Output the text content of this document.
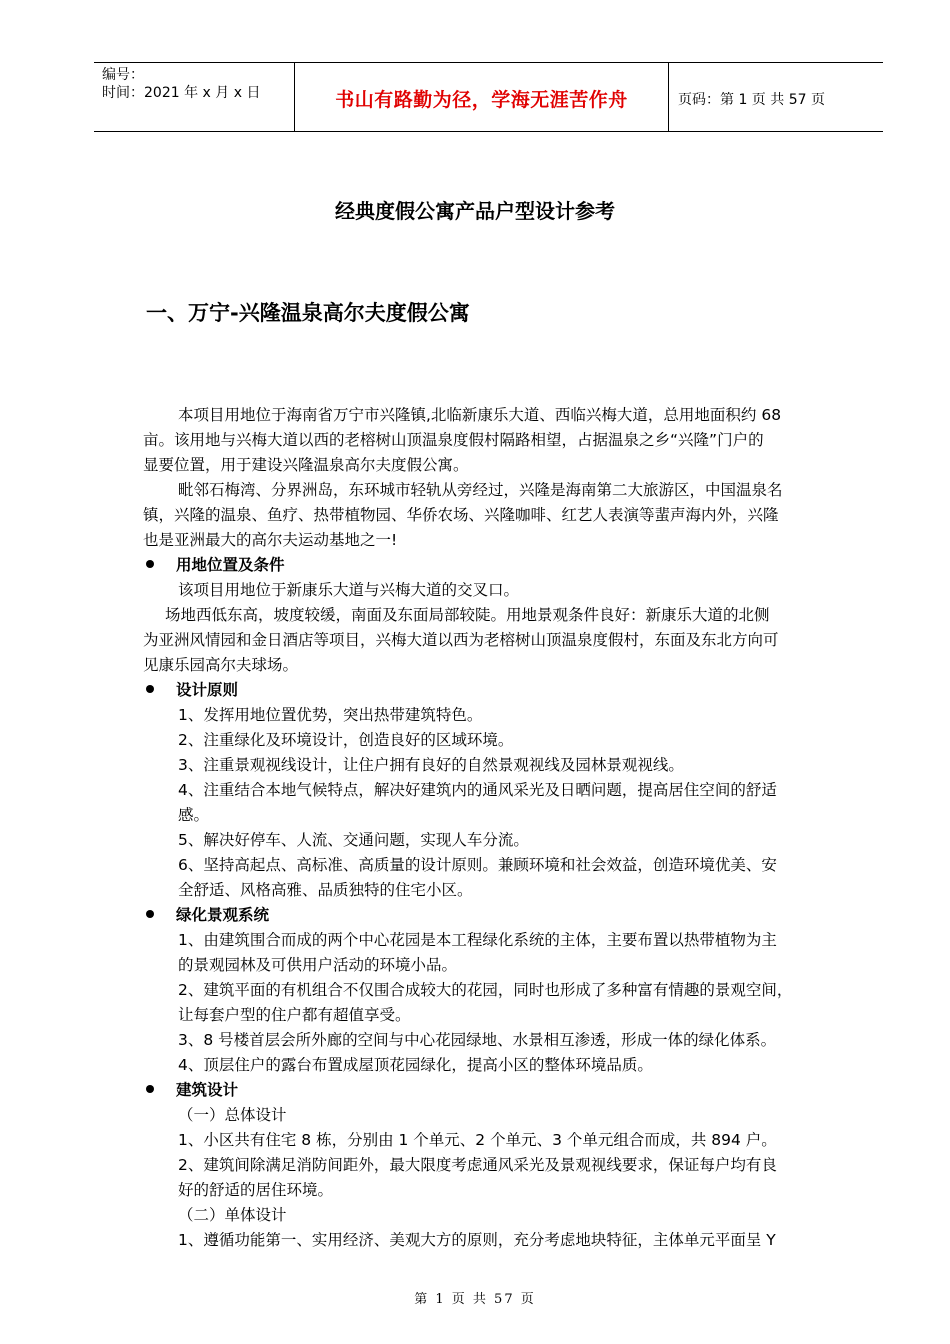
编号：
时间：2021 年 x 月 x 日	书山有路勤为径，学海无涯苦作舟	页码：第 1 页 共 57 页
经典度假公寓产品户型设计参考
一、万宁-兴隆温泉高尔夫度假公寓
本项目用地位于海南省万宁市兴隆镇,北临新康乐大道、西临兴梅大道，总用地面积约 68
亩。该用地与兴梅大道以西的老榕树山顶温泉度假村隔路相望，占据温泉之乡“兴隆”门户的
显要位置，用于建设兴隆温泉高尔夫度假公寓。
毗邻石梅湾、分界洲岛，东环城市轻轨从旁经过，兴隆是海南第二大旅游区，中国温泉名
镇，兴隆的温泉、鱼疗、热带植物园、华侨农场、兴隆咖啡、红艺人表演等蜚声海内外，兴隆
也是亚洲最大的高尔夫运动基地之一!
用地位置及条件
该项目用地位于新康乐大道与兴梅大道的交叉口。
场地西低东高，坡度较缓，南面及东面局部较陡。用地景观条件良好：新康乐大道的北侧
为亚洲风情园和金日酒店等项目，兴梅大道以西为老榕树山顶温泉度假村，东面及东北方向可
见康乐园高尔夫球场。
设计原则
1、发挥用地位置优势，突出热带建筑特色。
2、注重绿化及环境设计，创造良好的区域环境。
3、注重景观视线设计，让住户拥有良好的自然景观视线及园林景观视线。
4、注重结合本地气候特点，解决好建筑内的通风采光及日晒问题，提高居住空间的舒适
感。
5、解决好停车、人流、交通问题，实现人车分流。
6、坚持高起点、高标准、高质量的设计原则。兼顾环境和社会效益，创造环境优美、安
全舒适、风格高雅、品质独特的住宅小区。
绿化景观系统
1、由建筑围合而成的两个中心花园是本工程绿化系统的主体，主要布置以热带植物为主
的景观园林及可供用户活动的环境小品。
2、建筑平面的有机组合不仅围合成较大的花园，同时也形成了多种富有情趣的景观空间，
让每套户型的住户都有超值享受。
3、8 号楼首层会所外廊的空间与中心花园绿地、水景相互渗透，形成一体的绿化体系。
4、顶层住户的露台布置成屋顶花园绿化，提高小区的整体环境品质。
建筑设计
（一）总体设计
1、小区共有住宅 8 栋，分别由 1 个单元、2 个单元、3 个单元组合而成，共 894 户。
2、建筑间除满足消防间距外，最大限度考虑通风采光及景观视线要求，保证每户均有良
好的舒适的居住环境。
（二）单体设计
1、遵循功能第一、实用经济、美观大方的原则，充分考虑地块特征，主体单元平面呈 Y
第 1 页 共 57 页
